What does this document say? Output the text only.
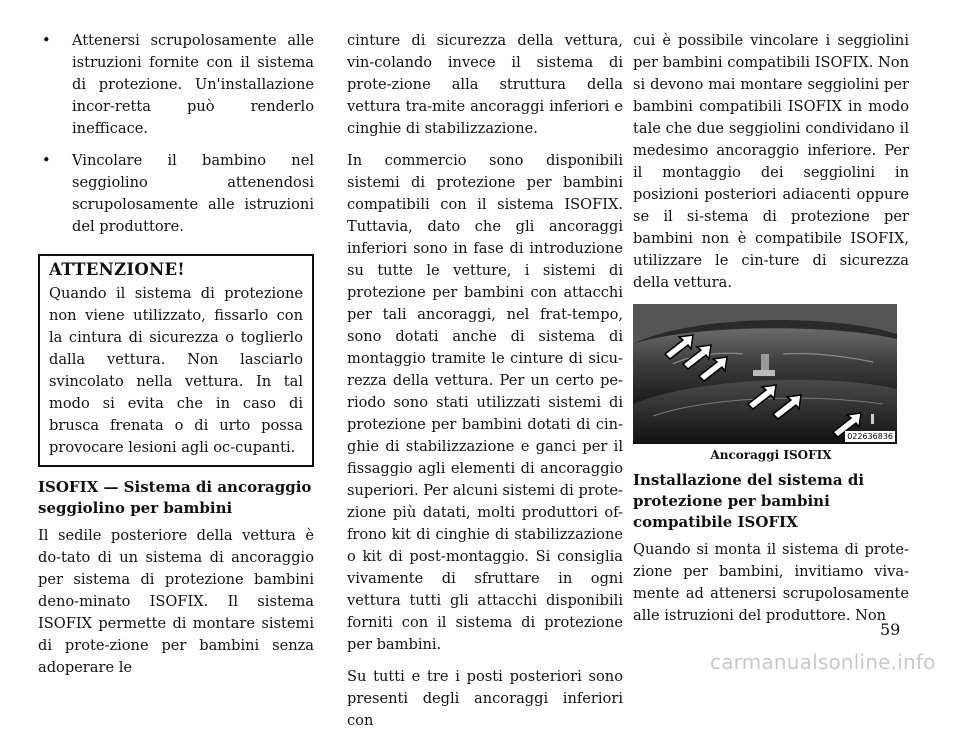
• Attenersi scrupolosamente alle istruzioni fornite con il sistema di protezione. Un'installazione incor-retta può renderlo inefficace.
• Vincolare il bambino nel seggiolino attenendosi scrupolosamente alle istruzioni del produttore.
ATTENZIONE!

Quando il sistema di protezione non viene utilizzato, fissarlo con la cintura di sicurezza o toglierlo dalla vettura. Non lasciarlo svincolato nella vettura. In tal modo si evita che in caso di brusca frenata o di urto possa provocare lesioni agli oc-cupanti.

ISOFIX — Sistema di ancoraggio seggiolino per bambini

Il sedile posteriore della vettura è do-tato di un sistema di ancoraggio per sistema di protezione bambini deno-minato ISOFIX. Il sistema ISOFIX permette di montare sistemi di prote-zione per bambini senza adoperare le

cinture di sicurezza della vettura, vin-colando invece il sistema di prote-zione alla struttura della vettura tra-mite ancoraggi inferiori e cinghie di stabilizzazione.

In commercio sono disponibili sistemi di protezione per bambini compatibili con il sistema ISOFIX. Tuttavia, dato che gli ancoraggi inferiori sono in fase di introduzione su tutte le vetture, i sistemi di protezione per bambini con attacchi per tali ancoraggi, nel frat-tempo, sono dotati anche di sistema di montaggio tramite le cinture di sicu-rezza della vettura. Per un certo pe-riodo sono stati utilizzati sistemi di protezione per bambini dotati di cin-ghie di stabilizzazione e ganci per il fissaggio agli elementi di ancoraggio superiori. Per alcuni sistemi di prote-zione più datati, molti produttori of-frono kit di cinghie di stabilizzazione o kit di post-montaggio. Si consiglia vivamente di sfruttare in ogni vettura tutti gli attacchi disponibili forniti con il sistema di protezione per bambini.

Su tutti e tre i posti posteriori sono presenti degli ancoraggi inferiori con

cui è possibile vincolare i seggiolini per bambini compatibili ISOFIX. Non si devono mai montare seggiolini per bambini compatibili ISOFIX in modo tale che due seggiolini condividano il medesimo ancoraggio inferiore. Per il montaggio dei seggiolini in posizioni posteriori adiacenti oppure se il si-stema di protezione per bambini non è compatibile ISOFIX, utilizzare le cin-ture di sicurezza della vettura.

022636836
Ancoraggi ISOFIX
Installazione del sistema di protezione per bambini compatibile ISOFIX

Quando si monta il sistema di prote-zione per bambini, invitiamo viva-mente ad attenersi scrupolosamente alle istruzioni del produttore. Non

59
carmanualsonline.info
